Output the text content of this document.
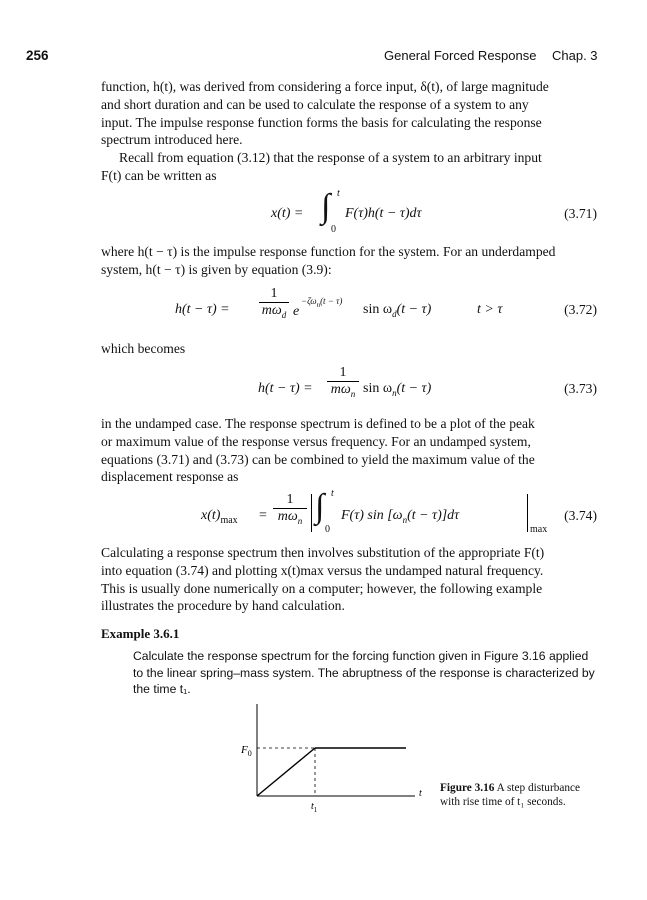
256	General Forced Response Chap. 3

function, h(t), was derived from considering a force input, δ(t), of large magnitude

and short duration and can be used to calculate the response of a system to any

input. The impulse response function forms the basis for calculating the response

spectrum introduced here.

Recall from equation (3.12) that the response of a system to an arbitrary input

F(t) can be written as

x(t) = ∫ t
0
F(τ)h(t − τ)dτ	(3.71)

where h(t − τ) is the impulse response function for the system. For an underdamped

system, h(t − τ) is given by equation (3.9):

h(t − τ) =
1
$m\omega_d$ e
$-\zeta\omega_n(t - \tau)$
$\sin \omega_d(t - \tau)$	t > τ	(3.72)

which becomes

h(t − τ) =
1
$m\omega_n$ $\sin \omega_n(t - \tau)$	(3.73)

in the undamped case. The response spectrum is defined to be a plot of the peak

or maximum value of the response versus frequency. For an undamped system,

equations (3.71) and (3.73) can be combined to yield the maximum value of the

displacement response as

$x(t)_{max}$ =
1
$m\omega_n$ ∫ t
0
F(τ) $\sin [\omega_n(t - \tau)]d\tau$
max
(3.74)

Calculating a response spectrum then involves substitution of the appropriate F(t)

into equation (3.74) and plotting x(t)max versus the undamped natural frequency.

This is usually done numerically on a computer; however, the following example

illustrates the procedure by hand calculation.

Example 3.6.1
Calculate the response spectrum for the forcing function given in Figure 3.16 applied
to the linear spring–mass system. The abruptness of the response is characterized by
the time t₁.
$F_0$
t
$t_1$
Figure 3.16 A step disturbance
with rise time of t₁ seconds.
